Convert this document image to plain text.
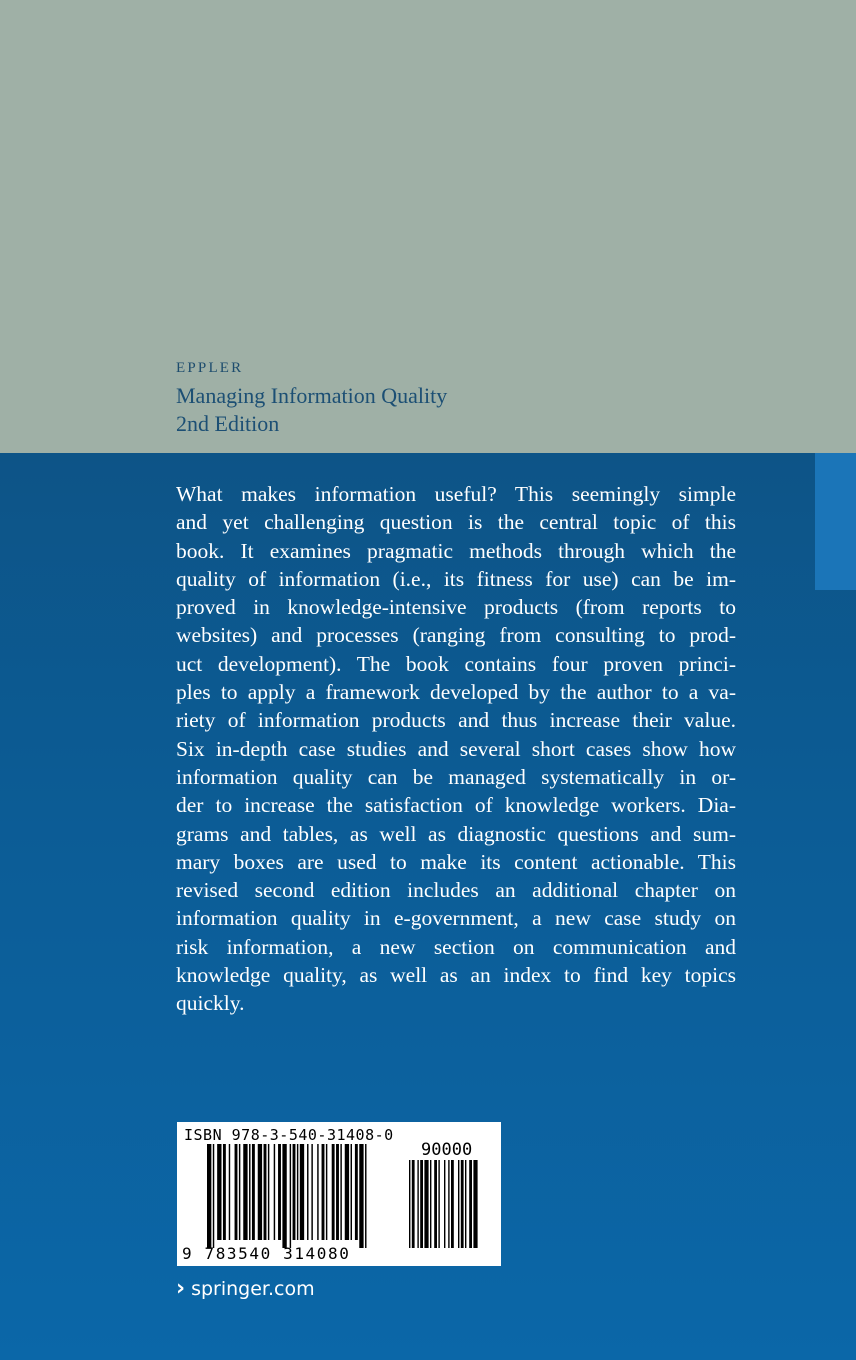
EPPLER
Managing Information Quality
2nd Edition
What makes information useful? This seemingly simple
and yet challenging question is the central topic of this
book. It examines pragmatic methods through which the
quality of information (i.e., its fitness for use) can be im-
proved in knowledge-intensive products (from reports to
websites) and processes (ranging from consulting to prod-
uct development). The book contains four proven princi-
ples to apply a framework developed by the author to a va-
riety of information products and thus increase their value.
Six in-depth case studies and several short cases show how
information quality can be managed systematically in or-
der to increase the satisfaction of knowledge workers. Dia-
grams and tables, as well as diagnostic questions and sum-
mary boxes are used to make its content actionable. This
revised second edition includes an additional chapter on
information quality in e-government, a new case study on
risk information, a new section on communication and
knowledge quality, as well as an index to find key topics
quickly.
ISBN 978-3-540-31408-0
90000
9 783540 314080
› springer.com
